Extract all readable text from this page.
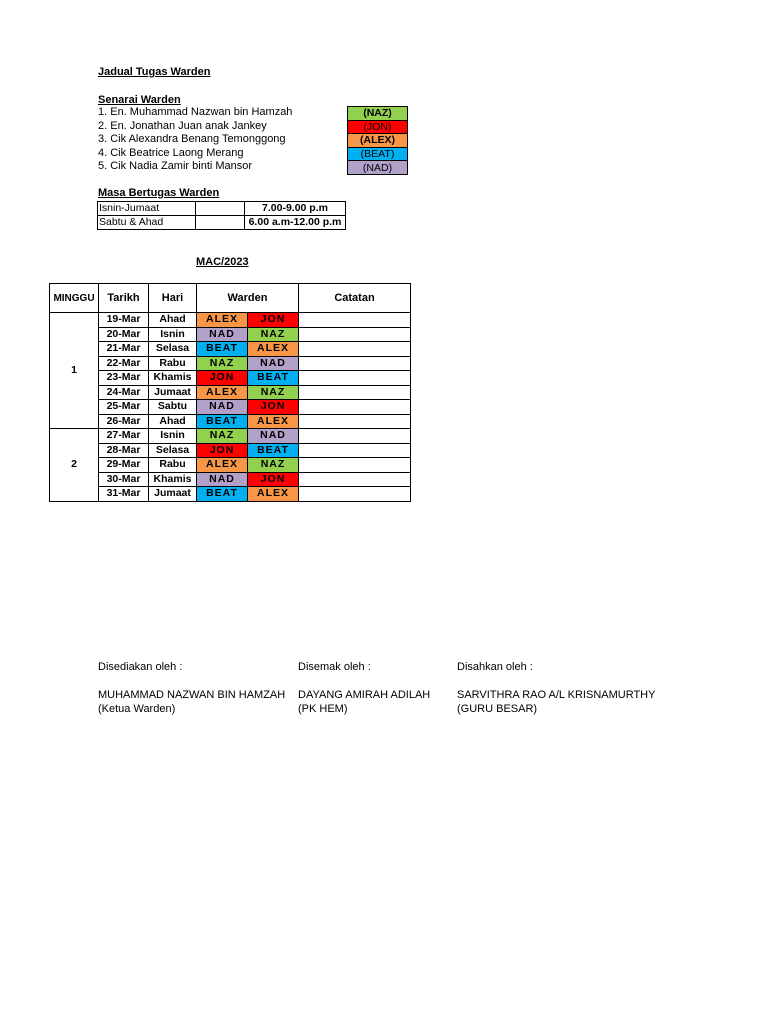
Jadual Tugas Warden
Senarai Warden
1. En. Muhammad Nazwan bin Hamzah
2. En. Jonathan Juan anak Jankey
3. Cik Alexandra Benang Temonggong
4. Cik Beatrice Laong Merang
5. Cik Nadia Zamir binti Mansor
(NAZ)
(JON)
(ALEX)
(BEAT)
(NAD)
Masa Bertugas Warden
Isnin-Jumaat		7.00-9.00 p.m
Sabtu & Ahad		6.00 a.m-12.00 p.m
MAC/2023
MINGGU	Tarikh	Hari	Warden		Catatan
1	19-Mar	Ahad	ALEX	JON	
	20-Mar	Isnin	NAD	NAZ	
	21-Mar	Selasa	BEAT	ALEX	
	22-Mar	Rabu	NAZ	NAD	
	23-Mar	Khamis	JON	BEAT	
	24-Mar	Jumaat	ALEX	NAZ	
	25-Mar	Sabtu	NAD	JON	
	26-Mar	Ahad	BEAT	ALEX	
2	27-Mar	Isnin	NAZ	NAD	
	28-Mar	Selasa	JON	BEAT	
	29-Mar	Rabu	ALEX	NAZ	
	30-Mar	Khamis	NAD	JON	
	31-Mar	Jumaat	BEAT	ALEX	
Disediakan oleh :
MUHAMMAD NAZWAN BIN HAMZAH
(Ketua Warden)
Disemak oleh :
DAYANG AMIRAH ADILAH
(PK HEM)
Disahkan oleh :
SARVITHRA RAO A/L KRISNAMURTHY
(GURU BESAR)
